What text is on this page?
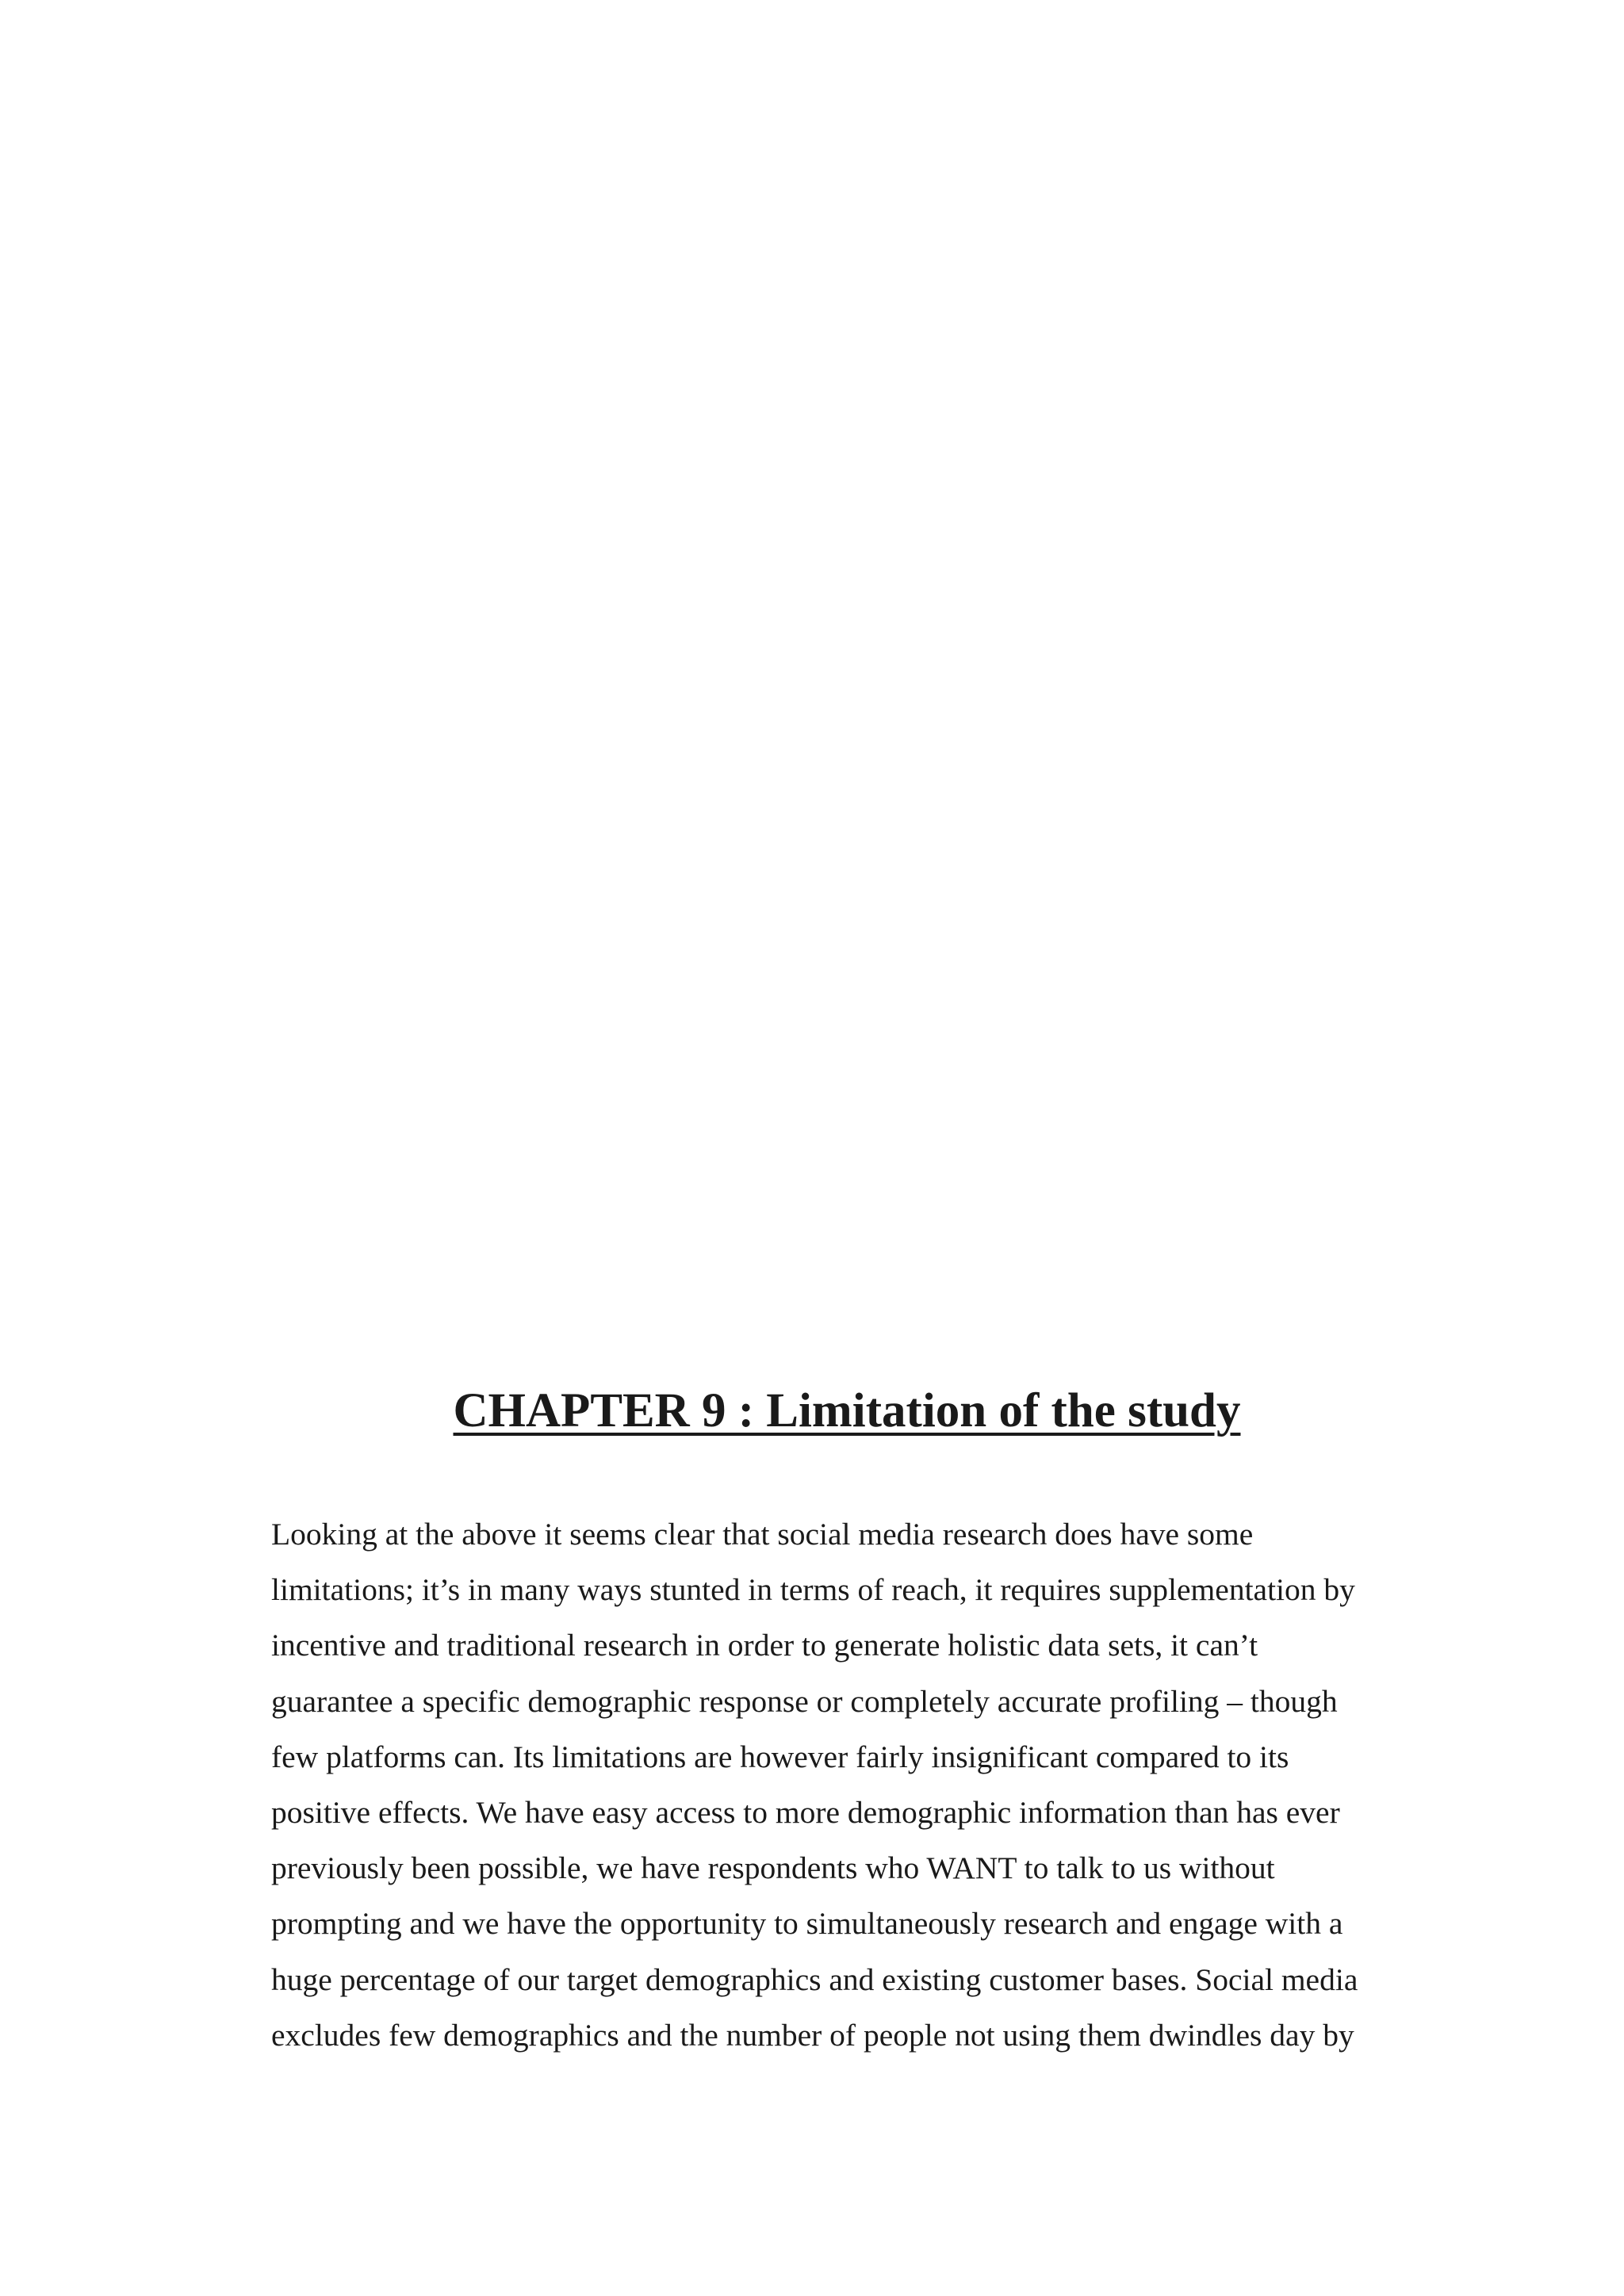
CHAPTER 9 : Limitation of the study

Looking at the above it seems clear that social media research does have some
limitations; it’s in many ways stunted in terms of reach, it requires supplementation by
incentive and traditional research in order to generate holistic data sets, it can’t
guarantee a specific demographic response or completely accurate profiling – though
few platforms can. Its limitations are however fairly insignificant compared to its
positive effects. We have easy access to more demographic information than has ever
previously been possible, we have respondents who WANT to talk to us without
prompting and we have the opportunity to simultaneously research and engage with a
huge percentage of our target demographics and existing customer bases. Social media
excludes few demographics and the number of people not using them dwindles day by
